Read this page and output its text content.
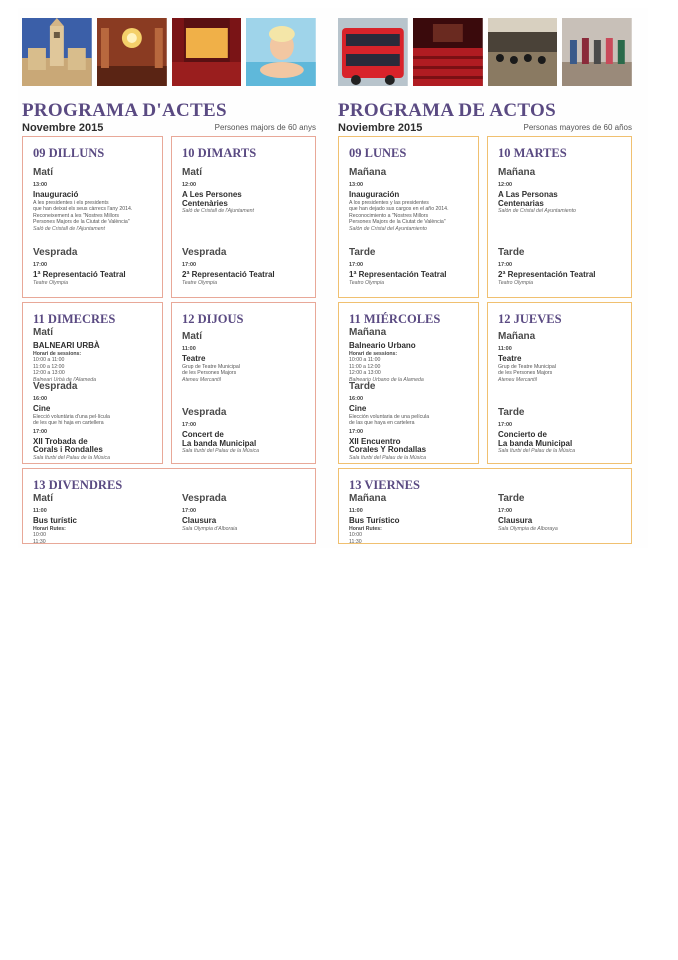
PROGRAMA D'ACTES
Novembre 2015	Persones majors de 60 anys
09 DILLUNS
Matí
13:00
Inauguració
A les presidentes i els presidents
que han deixat els seus càrrecs l'any 2014.
Reconeixement a les "Nostres Millors
Persones Majors de la Ciutat de València"
Saló de Cristall de l'Ajuntament
Vesprada
17:00
1ª Representació Teatral
Teatre Olympia
10 DIMARTS
Matí
12:00
A Les Persones
Centenàries
Saló de Cristall de l'Ajuntament
Vesprada
17:00
2ª Representació Teatral
Teatre Olympia
11 DIMECRES
Matí
BALNEARI URBÀ
Horari de sessions:
10:00 a 11:00
11:00 a 12:00
12:00 a 13:00
Balneari Urbà de l'Alameda
Vesprada
16:00
Cine
Elecció voluntària d'una pel·lícula
de les que hi haja en cartellera
17:00
XII Trobada de
Corals i Rondalles
Sala Iturbi del Palau de la Música
12 DIJOUS
Matí
11:00
Teatre
Grup de Teatre Municipal
de les Persones Majors
Ateneu Mercantil
Vesprada
17:00
Concert de
La banda Municipal
Sala Iturbi del Palau de la Música
13 DIVENDRES
Matí
11:00
Bus turístic
Horari Rutes:
10:00
11:30
Vesprada
17:00
Clausura
Sala Olympia d'Alboraia
PROGRAMA DE ACTOS
Noviembre 2015	Personas mayores de 60 años
09 LUNES
Mañana
13:00
Inauguración
A los presidentes y las presidentes
que han dejado sus cargos en el año 2014.
Reconocimiento a "Nostres Millors
Persones Majors de la Ciutat de València"
Salón de Cristal del Ayuntamiento
Tarde
17:00
1ª Representación Teatral
Teatro Olympia
10 MARTES
Mañana
12:00
A Las Personas
Centenarias
Salón de Cristal del Ayuntamiento
Tarde
17:00
2ª Representación Teatral
Teatro Olympia
11 MIÉRCOLES
Mañana
Balneario Urbano
Horari de sessions:
10:00 a 11:00
11:00 a 12:00
12:00 a 13:00
Balneario Urbano de la Alameda
Tarde
16:00
Cine
Elección voluntaria de una película
de las que haya en cartelera
17:00
XII Encuentro
Corales Y Rondallas
Sala Iturbi del Palau de la Música
12 JUEVES
Mañana
11:00
Teatre
Grup de Teatre Municipal
de les Persones Majors
Ateneu Mercantil
Tarde
17:00
Concierto de
La banda Municipal
Sala Iturbi del Palau de la Música
13 VIERNES
Mañana
11:00
Bus Turístico
Horari Rutes:
10:00
11:30
Tarde
17:00
Clausura
Sala Olympia de Alboraya
